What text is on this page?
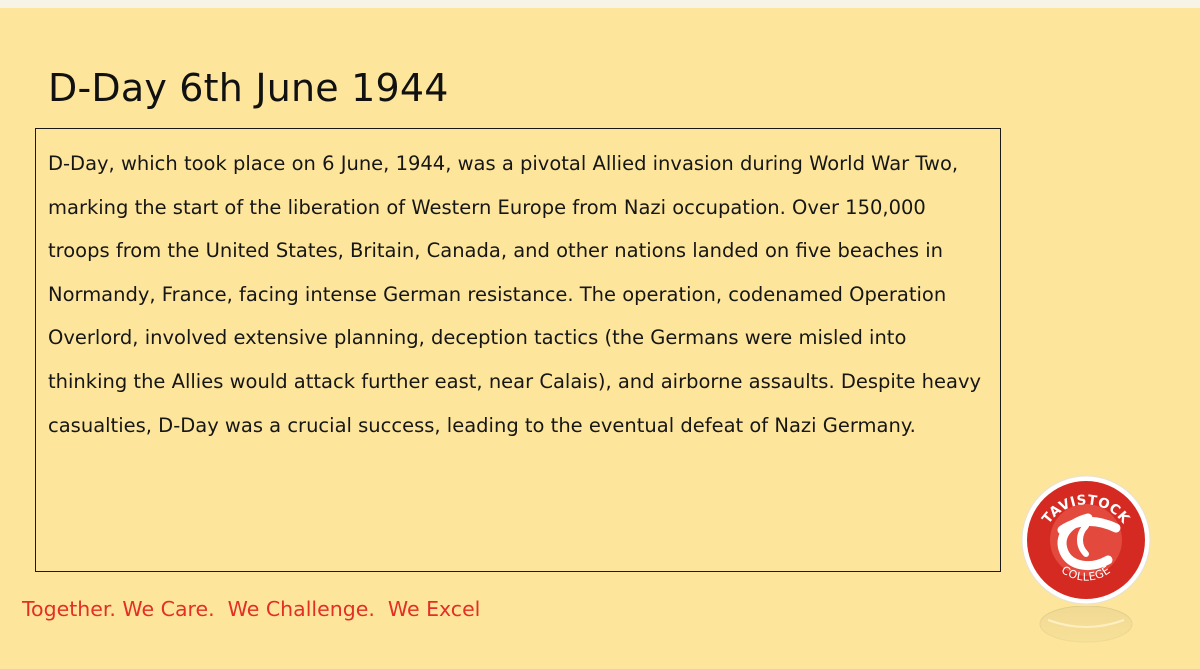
D-Day 6th June 1944

D-Day, which took place on 6 June, 1944, was a pivotal Allied invasion during World War Two, marking the start of the liberation of Western Europe from Nazi occupation. Over 150,000 troops from the United States, Britain, Canada, and other nations landed on five beaches in Normandy, France, facing intense German resistance. The operation, codenamed Operation Overlord, involved extensive planning, deception tactics (the Germans were misled into thinking the Allies would attack further east, near Calais), and airborne assaults. Despite heavy casualties, D-Day was a crucial success, leading to the eventual defeat of Nazi Germany.

Together. We Care.  We Challenge.  We Excel
TAVISTOCK
COLLEGE
